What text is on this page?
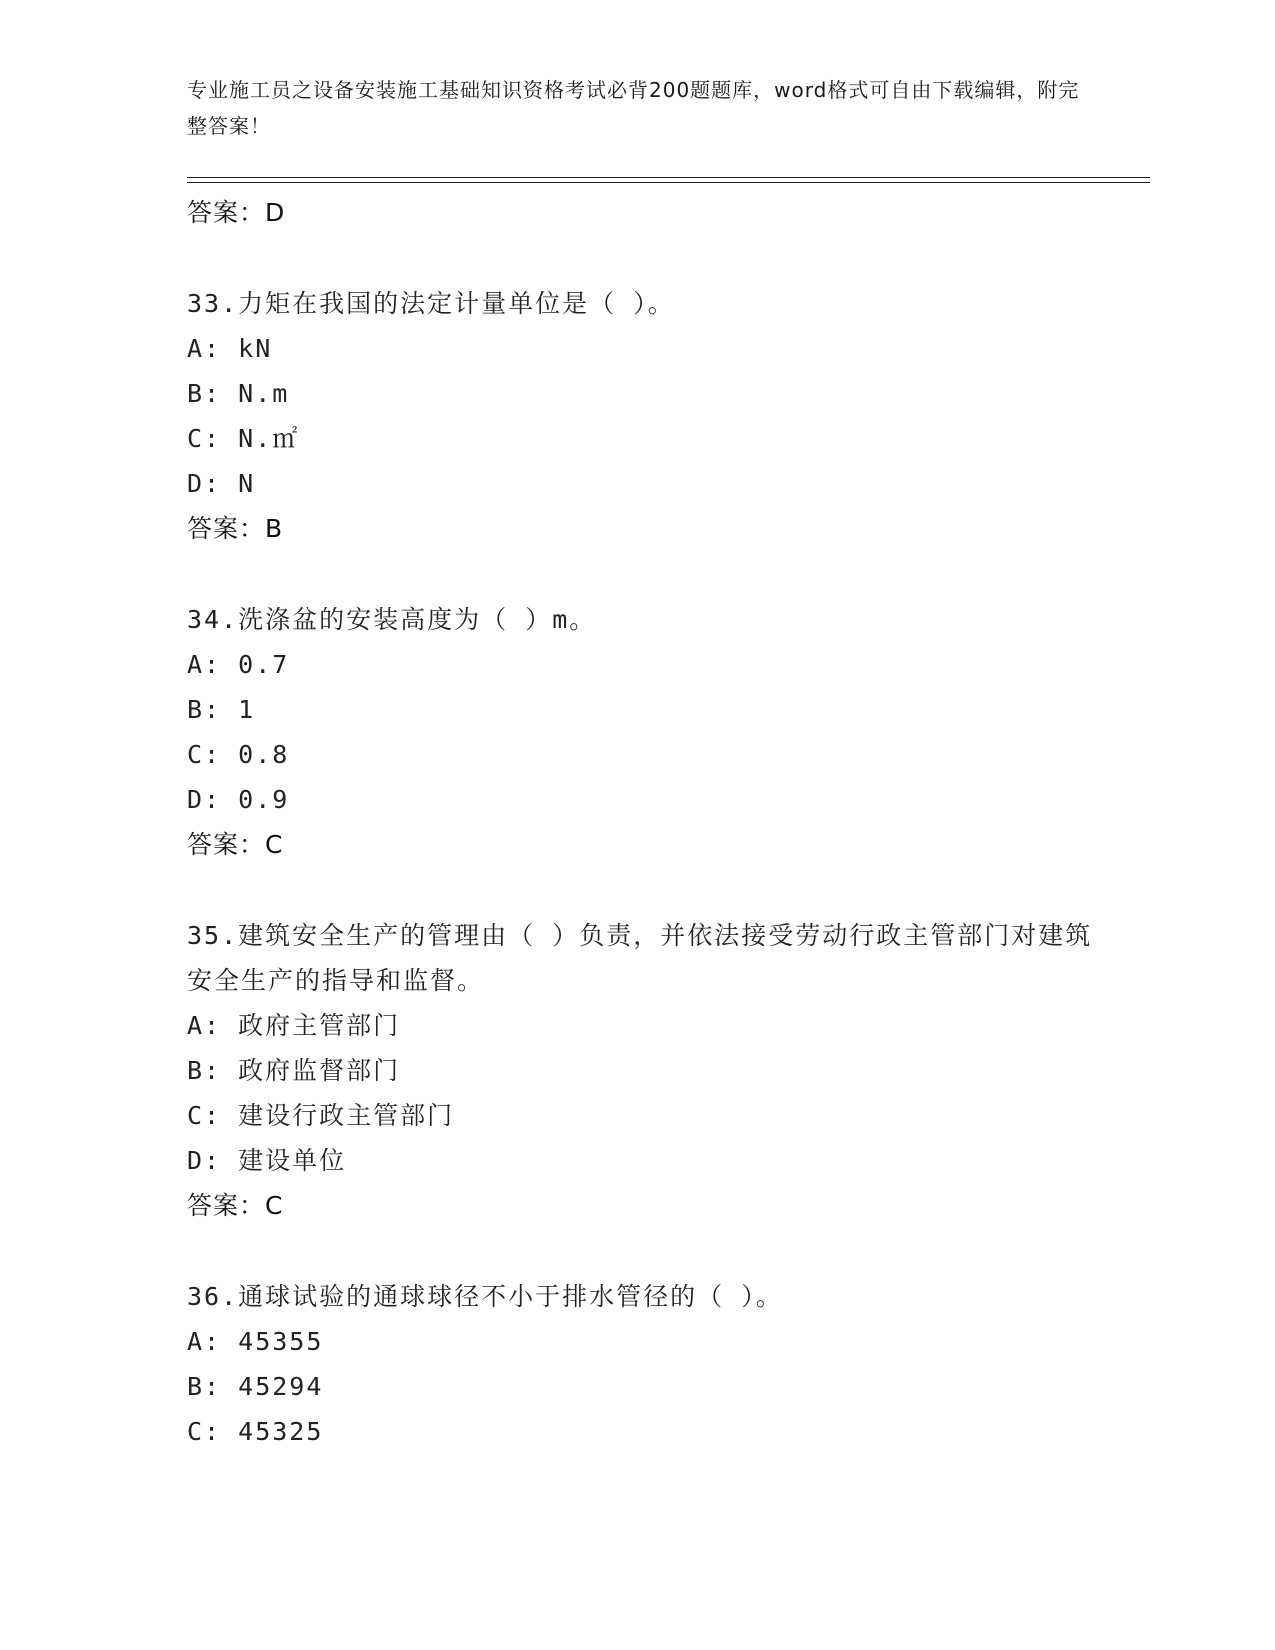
专业施工员之设备安装施工基础知识资格考试必背200题题库，word格式可自由下载编辑，附完整答案！
答案：D
33.力矩在我国的法定计量单位是（ ）。
A: kN
B: N.m
C: N.㎡
D: N
答案：B
34.洗涤盆的安装高度为（ ）m。
A: 0.7
B: 1
C: 0.8
D: 0.9
答案：C
35.建筑安全生产的管理由（ ）负责，并依法接受劳动行政主管部门对建筑安全生产的指导和监督。
A: 政府主管部门
B: 政府监督部门
C: 建设行政主管部门
D: 建设单位
答案：C
36.通球试验的通球球径不小于排水管径的（ ）。
A: 45355
B: 45294
C: 45325
